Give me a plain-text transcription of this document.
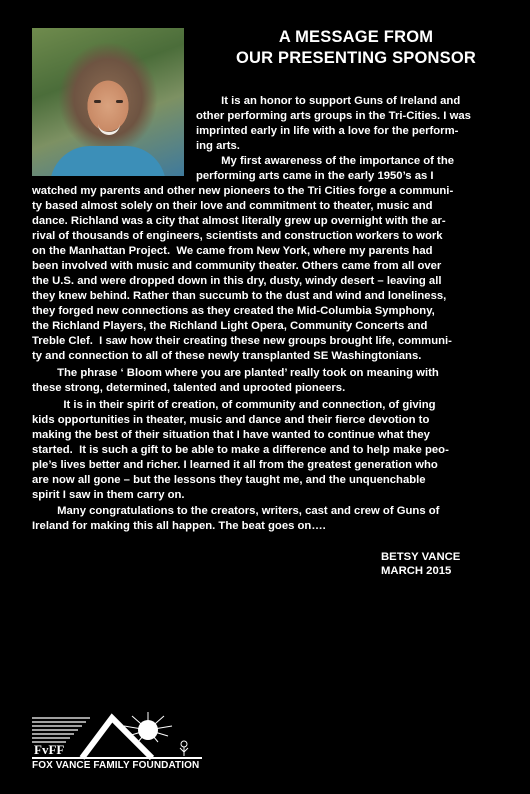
A MESSAGE FROM
OUR PRESENTING SPONSOR

It is an honor to support Guns of Ireland and

other performing arts groups in the Tri-Cities. I was

imprinted early in life with a love for the perform-

ing arts.

My first awareness of the importance of the

performing arts came in the early 1950’s as I

watched my parents and other new pioneers to the Tri Cities forge a communi-

ty based almost solely on their love and commitment to theater, music and

dance. Richland was a city that almost literally grew up overnight with the ar-

rival of thousands of engineers, scientists and construction workers to work

on the Manhattan Project.  We came from New York, where my parents had

been involved with music and community theater. Others came from all over

the U.S. and were dropped down in this dry, dusty, windy desert – leaving all

they knew behind. Rather than succumb to the dust and wind and loneliness,

they forged new connections as they created the Mid-Columbia Symphony,

the Richland Players, the Richland Light Opera, Community Concerts and

Treble Clef.  I saw how their creating these new groups brought life, communi-

ty and connection to all of these newly transplanted SE Washingtonians.

The phrase ‘ Bloom where you are planted’ really took on meaning with

these strong, determined, talented and uprooted pioneers.

It is in their spirit of creation, of community and connection, of giving

kids opportunities in theater, music and dance and their fierce devotion to

making the best of their situation that I have wanted to continue what they

started.  It is such a gift to be able to make a difference and to help make peo-

ple’s lives better and richer. I learned it all from the greatest generation who

are now all gone – but the lessons they taught me, and the unquenchable

spirit I saw in them carry on.

Many congratulations to the creators, writers, cast and crew of Guns of

Ireland for making this all happen. The beat goes on….

BETSY VANCE
MARCH 2015
FvFF
FOX VANCE FAMILY FOUNDATION
